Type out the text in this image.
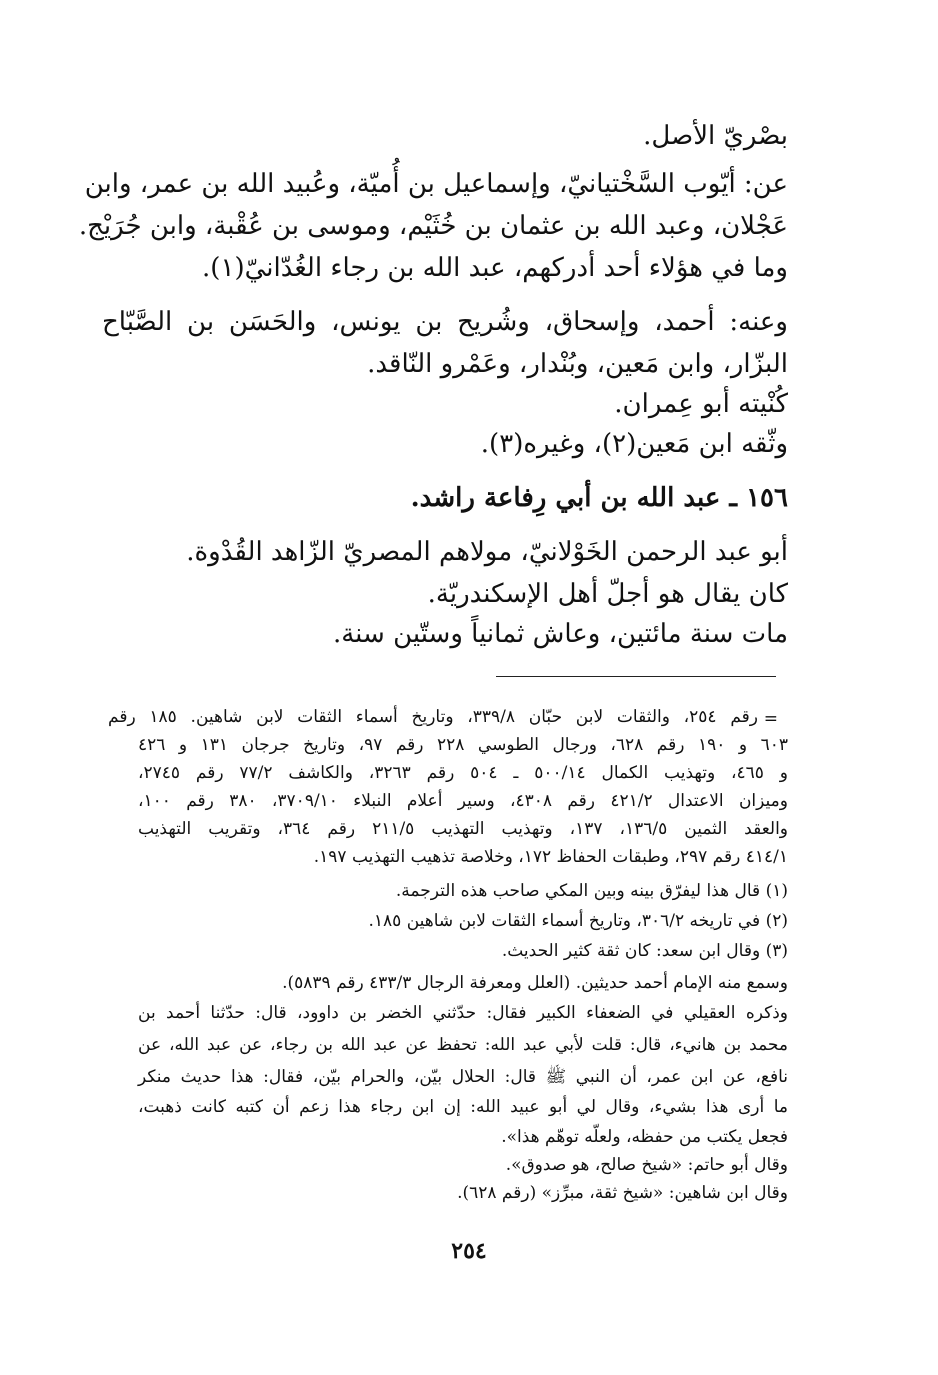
بصْريّ الأصل.
عن: أيّوب السَّخْتيانيّ، وإسماعيل بن أُميّة، وعُبيد الله بن عمر، وابن
عَجْلان، وعبد الله بن عثمان بن خُثَيْم، وموسى بن عُقْبة، وابن جُرَيْج.
وما في هؤلاء أحد أدركهم، عبد الله بن رجاء الغُدّانيّ(١).
وعنه: أحمد، وإسحاق، وشُريح بن يونس، والحَسَن بن الصَّبّاح
البزّار، وابن مَعين، وبُنْدار، وعَمْرو النّاقد.
كُنْيته أبو عِمران.
وثّقه ابن مَعين(٢)، وغيره(٣).
١٥٦ ـ عبد الله بن أبي رِفاعة راشد.
أبو عبد الرحمن الخَوْلانيّ، مولاهم المصريّ الزّاهد القُدْوة.
كان يقال هو أجلّ أهل الإسكندريّة.
مات سنة مائتين، وعاش ثمانياً وستّين سنة.
=
رقم ٢٥٤، والثقات لابن حبّان ٣٣٩/٨، وتاريخ أسماء الثقات لابن شاهين. ١٨٥ رقم
٦٠٣ و ١٩٠ رقم ٦٢٨، ورجال الطوسي ٢٢٨ رقم ٩٧، وتاريخ جرجان ١٣١ و ٤٢٦
و ٤٦٥، وتهذيب الكمال ٥٠٠/١٤ ـ ٥٠٤ رقم ٣٢٦٣، والكاشف ٧٧/٢ رقم ٢٧٤٥،
وميزان الاعتدال ٤٢١/٢ رقم ٤٣٠٨، وسير أعلام النبلاء ٣٧٠٩/١٠، ٣٨٠ رقم ١٠٠،
والعقد الثمين ١٣٦/٥، ١٣٧، وتهذيب التهذيب ٢١١/٥ رقم ٣٦٤، وتقريب التهذيب
٤١٤/١ رقم ٢٩٧، وطبقات الحفاظ ١٧٢، وخلاصة تذهيب التهذيب ١٩٧.
(١) قال هذا ليفرّق بينه وبين المكي صاحب هذه الترجمة.
(٢) في تاريخه ٣٠٦/٢، وتاريخ أسماء الثقات لابن شاهين ١٨٥.
(٣) وقال ابن سعد: كان ثقة كثير الحديث.
وسمع منه الإمام أحمد حديثين. (العلل ومعرفة الرجال ٤٣٣/٣ رقم ٥٨٣٩).
وذكره العقيلي في الضعفاء الكبير فقال: حدّثني الخضر بن داوود، قال: حدّثنا أحمد بن
محمد بن هانيء، قال: قلت لأبي عبد الله: تحفظ عن عبد الله بن رجاء، عن عبد الله، عن
نافع، عن ابن عمر، أن النبي ﷺ قال: الحلال بيّن، والحرام بيّن، فقال: هذا حديث منكر
ما أرى هذا بشيء، وقال لي أبو عبيد الله: إن ابن رجاء هذا زعم أن كتبه كانت ذهبت،
فجعل يكتب من حفظه، ولعلّه توهّم هذا».
وقال أبو حاتم: «شيخ صالح، هو صدوق».
وقال ابن شاهين: «شيخ ثقة، مبرِّز» (رقم ٦٢٨).
٢٥٤
